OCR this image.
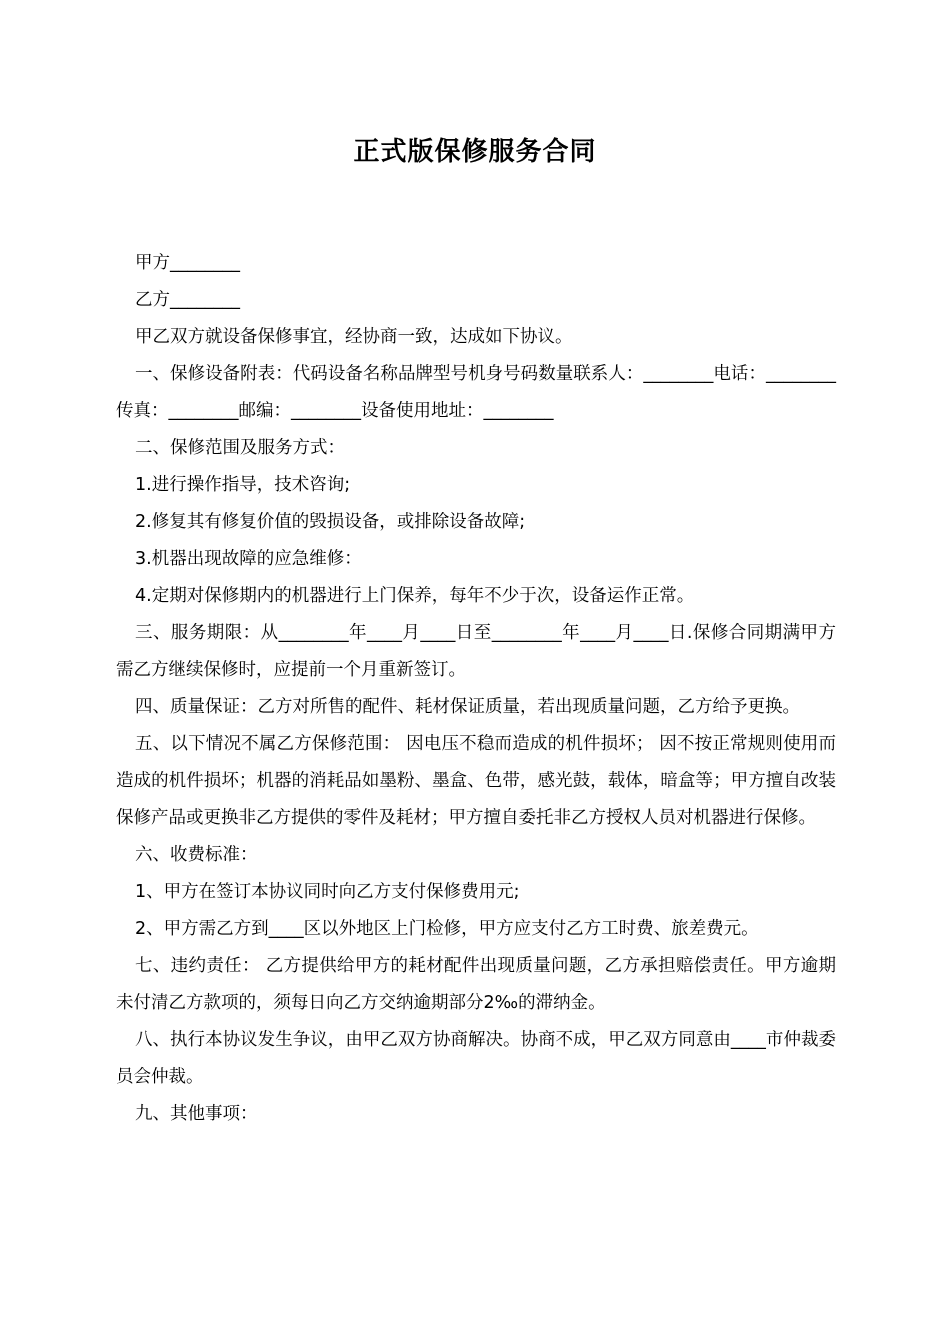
正式版保修服务合同

甲方________

乙方________

甲乙双方就设备保修事宜，经协商一致，达成如下协议。

一、保修设备附表：代码设备名称品牌型号机身号码数量联系人：________电话：________传真：________邮编：________设备使用地址：________

二、保修范围及服务方式：

1.进行操作指导，技术咨询;

2.修复其有修复价值的毁损设备，或排除设备故障;

3.机器出现故障的应急维修：

4.定期对保修期内的机器进行上门保养，每年不少于次，设备运作正常。

三、服务期限：从________年____月____日至________年____月____日.保修合同期满甲方需乙方继续保修时，应提前一个月重新签订。

四、质量保证：乙方对所售的配件、耗材保证质量，若出现质量问题，乙方给予更换。

五、以下情况不属乙方保修范围： 因电压不稳而造成的机件损坏； 因不按正常规则使用而造成的机件损坏；机器的消耗品如墨粉、墨盒、色带，感光鼓，载体，暗盒等；甲方擅自改装保修产品或更换非乙方提供的零件及耗材；甲方擅自委托非乙方授权人员对机器进行保修。

六、收费标准：

1、甲方在签订本协议同时向乙方支付保修费用元;

2、甲方需乙方到____区以外地区上门检修，甲方应支付乙方工时费、旅差费元。

七、违约责任： 乙方提供给甲方的耗材配件出现质量问题，乙方承担赔偿责任。甲方逾期未付清乙方款项的，须每日向乙方交纳逾期部分2‰的滞纳金。

八、执行本协议发生争议，由甲乙双方协商解决。协商不成，甲乙双方同意由____市仲裁委员会仲裁。

九、其他事项：
